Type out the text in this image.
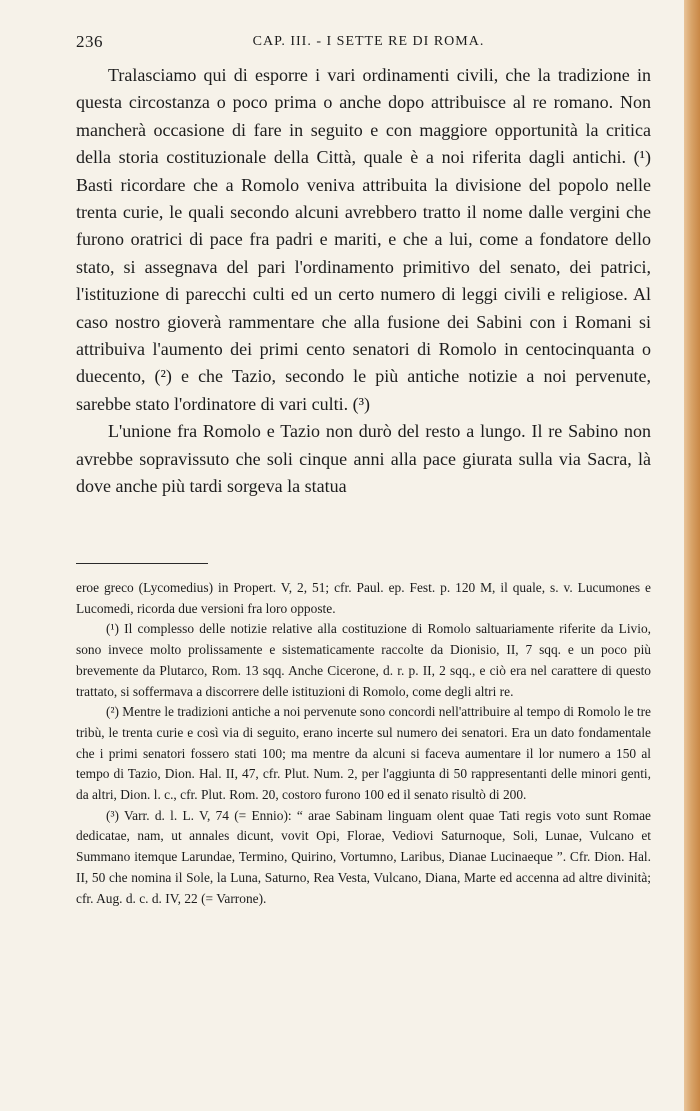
236	CAP. III. - I SETTE RE DI ROMA.

Tralasciamo qui di esporre i vari ordinamenti civili, che la tradizione in questa circostanza o poco prima o anche dopo attribuisce al re romano. Non mancherà occasione di fare in seguito e con maggiore opportunità la critica della storia costituzionale della Città, quale è a noi riferita dagli antichi. (¹) Basti ricordare che a Romolo veniva attribuita la divisione del popolo nelle trenta curie, le quali secondo alcuni avrebbero tratto il nome dalle vergini che furono oratrici di pace fra padri e mariti, e che a lui, come a fondatore dello stato, si assegnava del pari l'ordinamento primitivo del senato, dei patrici, l'istituzione di parecchi culti ed un certo numero di leggi civili e religiose. Al caso nostro gioverà rammentare che alla fusione dei Sabini con i Romani si attribuiva l'aumento dei primi cento senatori di Romolo in centocinquanta o duecento, (²) e che Tazio, secondo le più antiche notizie a noi pervenute, sarebbe stato l'ordinatore di vari culti. (³)

L'unione fra Romolo e Tazio non durò del resto a lungo. Il re Sabino non avrebbe sopravissuto che soli cinque anni alla pace giurata sulla via Sacra, là dove anche più tardi sorgeva la statua

eroe greco (Lycomedius) in Propert. V, 2, 51; cfr. Paul. ep. Fest. p. 120 M, il quale, s. v. Lucumones e Lucomedi, ricorda due versioni fra loro opposte.

(¹) Il complesso delle notizie relative alla costituzione di Romolo saltuariamente riferite da Livio, sono invece molto prolissamente e sistematicamente raccolte da Dionisio, II, 7 sqq. e un poco più brevemente da Plutarco, Rom. 13 sqq. Anche Cicerone, d. r. p. II, 2 sqq., e ciò era nel carattere di questo trattato, si soffermava a discorrere delle istituzioni di Romolo, come degli altri re.

(²) Mentre le tradizioni antiche a noi pervenute sono concordi nell'attribuire al tempo di Romolo le tre tribù, le trenta curie e così via di seguito, erano incerte sul numero dei senatori. Era un dato fondamentale che i primi senatori fossero stati 100; ma mentre da alcuni si faceva aumentare il lor numero a 150 al tempo di Tazio, Dion. Hal. II, 47, cfr. Plut. Num. 2, per l'aggiunta di 50 rappresentanti delle minori genti, da altri, Dion. l. c., cfr. Plut. Rom. 20, costoro furono 100 ed il senato risultò di 200.

(³) Varr. d. l. L. V, 74 (= Ennio): “ arae Sabinam linguam olent quae Tati regis voto sunt Romae dedicatae, nam, ut annales dicunt, vovit Opi, Florae, Vediovi Saturnoque, Soli, Lunae, Vulcano et Summano itemque Larundae, Termino, Quirino, Vortumno, Laribus, Dianae Lucinaeque ”. Cfr. Dion. Hal. II, 50 che nomina il Sole, la Luna, Saturno, Rea Vesta, Vulcano, Diana, Marte ed accenna ad altre divinità; cfr. Aug. d. c. d. IV, 22 (= Varrone).
